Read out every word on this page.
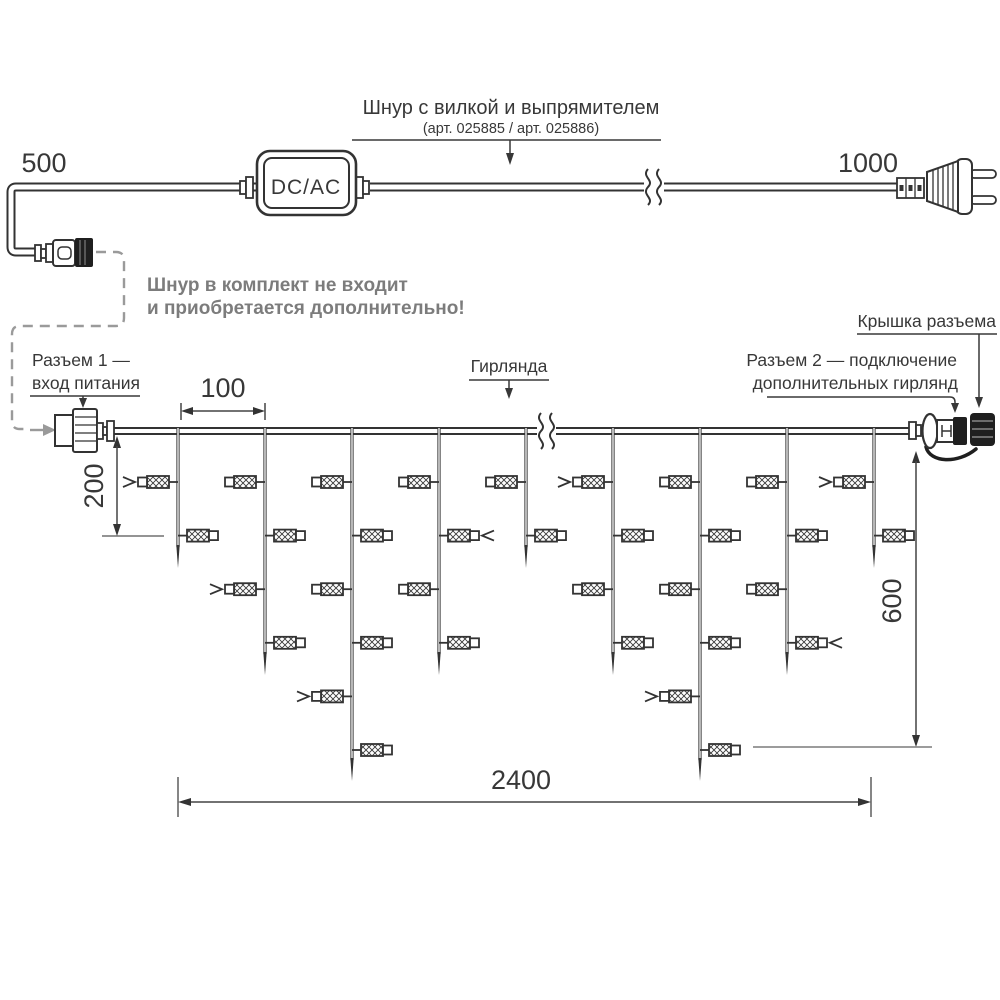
DC/AC
500	1000
Шнур с вилкой и выпрямителем
(арт. 025885 / арт. 025886)
Шнур в комплект не входит
и приобретается дополнительно!
Разъем 1 —
вход питания
Гирлянда
Крышка разъема
Разъем 2 — подключение
дополнительных гирлянд
100
200
600
2400
